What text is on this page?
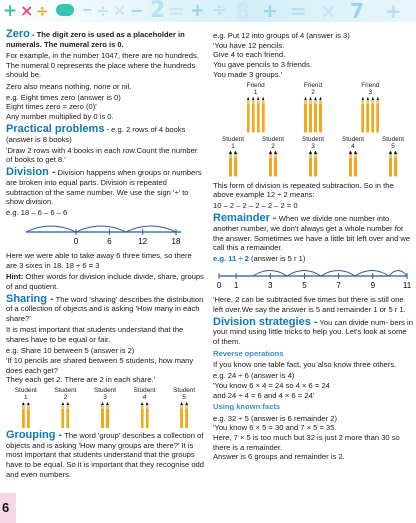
+ × ÷	− ÷ × − 2 = + ÷ 8 + = × 7 +

Zero - The digit zero is used as a placeholder in numerals. The numeral zero is 0.

For example, in the number 1047, there are no hundreds. The numeral 0 represents the place where the hundreds should be.

Zero also means nothing, none or nil.

e.g. Eight times zero (answer is 0)

Eight times zero = zero (0)'

Any number multiplied by 0 is 0.

Practical problems - e.g. 2 rows of 4 books (answer is 8 books)

'Draw 2 rows with 4 books in each row.Count the number of books to get 8.'

Division - Division happens when groups or numbers are broken into equal parts. Division is repeated subtraction of the same number. We use the sign '÷' to show division.

e.g. 18 – 6 – 6 – 6

0	6	12	18

Here we were able to take away 6 three times, so there are 3 sixes in 18. 18 ÷ 6 = 3

Hint: Other words for division include divide, share, groups of and quotient.

Sharing - The word 'sharing' describes the distribution of a collection of objects and is asking 'How many in each share?'

It is most important that students understand that the shares have to be equal or fair.

e.g. Share 10 between 5 (answer is 2)

'If 10 pencils are shared between 5 students, how many does each get?

They each get 2. There are 2 in each share.'

Student
1
Student
2
Student
3
Student
4
Student
5

Grouping - The word 'group' describes a collection of objects and is asking 'How many groups are there?' It is most important that students understand that the groups have to be equal. So it is important that they recognise odd and even numbers.

e.g. Put 12 into groups of 4 (answer is 3)

'You have 12 pencils.

Give 4 to each friend.

You gave pencils to 3 friends.

You made 3 groups.'

Friend
1
Friend
2
Friend
3
Student
1
Student
2
Student
3
Student
4
Student
5

This form of division is repeated subtraction. So in the above example 12 ÷ 2 means:

10 – 2 – 2 – 2 – 2 – 2 = 0

Remainder - When we divide one number into another number, we don't always get a whole number for the answer. Sometimes we have a little bit left over and we call this a remainder.

e.g. 11 ÷ 2 (answer is 5 r 1)

0 1	3	5	7	9	11

'Here, 2 can be subtracted five times but there is still one left over.We say the answer is 5 and remainder 1 or 5 r 1.

Division strategies - You can divide num- bers in your mind using little tricks to help you. Let's look at some of them.

Reverse operations

If you know one table fact, you also know three others.

e.g. 24 ÷ 6 (answer is 4)

'You know 6 × 4 = 24 so 4 × 6 = 24

and 24 ÷ 4 = 6 and 4 × 6 = 24'

Using known facts

e.g. 32 ÷ 5 (answer is 6 remainder 2)

'You know 6 × 5 = 30 and 7 × 5 = 35.

Here, 7 × 5 is too much but 32 is just 2 more than 30 so there is a remainder.

Answer is 6 groups and remainder is 2.

6
